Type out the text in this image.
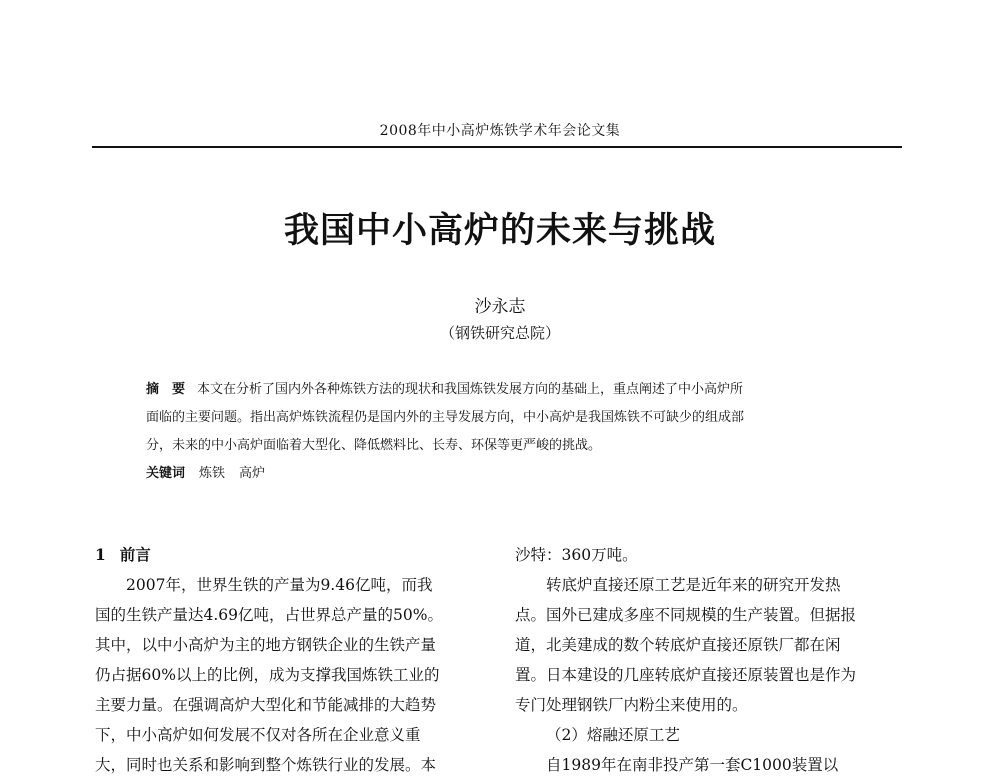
2008年中小高炉炼铁学术年会论文集
我国中小高炉的未来与挑战
沙永志
（钢铁研究总院）
摘　要 本文在分析了国内外各种炼铁方法的现状和我国炼铁发展方向的基础上，重点阐述了中小高炉所
面临的主要问题。指出高炉炼铁流程仍是国内外的主导发展方向，中小高炉是我国炼铁不可缺少的组成部
分，未来的中小高炉面临着大型化、降低燃料比、长寿、环保等更严峻的挑战。
关键词 炼铁 高炉
1 前言
2007年，世界生铁的产量为9.46亿吨，而我
国的生铁产量达4.69亿吨，占世界总产量的50%。
其中，以中小高炉为主的地方钢铁企业的生铁产量
仍占据60%以上的比例，成为支撑我国炼铁工业的
主要力量。在强调高炉大型化和节能减排的大趋势
下，中小高炉如何发展不仅对各所在企业意义重
大，同时也关系和影响到整个炼铁行业的发展。本
沙特：360万吨。
转底炉直接还原工艺是近年来的研究开发热
点。国外已建成多座不同规模的生产装置。但据报
道，北美建成的数个转底炉直接还原铁厂都在闲
置。日本建设的几座转底炉直接还原装置也是作为
专门处理钢铁厂内粉尘来使用的。
（2）熔融还原工艺
自1989年在南非投产第一套C1000装置以
